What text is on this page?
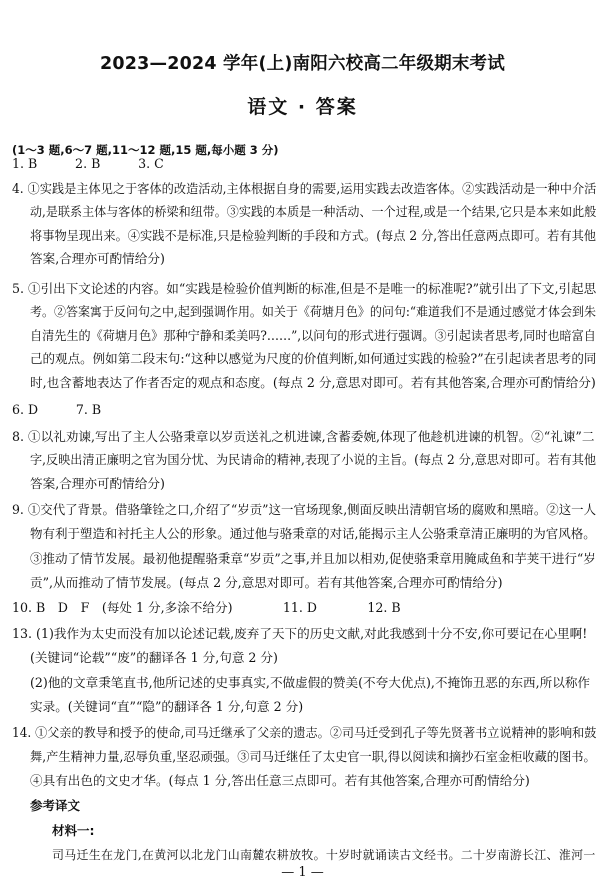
2023—2024 学年(上)南阳六校高二年级期末考试
语文 · 答案
(1～3 题,6～7 题,11～12 题,15 题,每小题 3 分)
1. B　　　2. B　　　3. C
4. ①实践是主体见之于客体的改造活动,主体根据自身的需要,运用实践去改造客体。②实践活动是一种中介活
动,是联系主体与客体的桥梁和纽带。③实践的本质是一种活动、一个过程,或是一个结果,它只是本来如此般
将事物呈现出来。④实践不是标准,只是检验判断的手段和方式。(每点 2 分,答出任意两点即可。若有其他
答案,合理亦可酌情给分)
5. ①引出下文论述的内容。如“实践是检验价值判断的标准,但是不是唯一的标准呢?”就引出了下文,引起思
考。②答案寓于反问句之中,起到强调作用。如关于《荷塘月色》的问句:“难道我们不是通过感觉才体会到朱
自清先生的《荷塘月色》那种宁静和柔美吗?……”,以问句的形式进行强调。③引起读者思考,同时也暗富自
己的观点。例如第二段末句:“这种以感觉为尺度的价值判断,如何通过实践的检验?”在引起读者思考的同
时,也含蓄地表达了作者否定的观点和态度。(每点 2 分,意思对即可。若有其他答案,合理亦可酌情给分)
6. D　　　7. B
8. ①以礼劝谏,写出了主人公骆秉章以岁贡送礼之机进谏,含蓄委婉,体现了他趁机进谏的机智。②“礼谏”二
字,反映出清正廉明之官为国分忧、为民请命的精神,表现了小说的主旨。(每点 2 分,意思对即可。若有其他
答案,合理亦可酌情给分)
9. ①交代了背景。借骆肇铨之口,介绍了“岁贡”这一官场现象,侧面反映出清朝官场的腐败和黑暗。②这一人
物有利于塑造和衬托主人公的形象。通过他与骆秉章的对话,能揭示主人公骆秉章清正廉明的为官风格。
③推动了情节发展。最初他提醒骆秉章“岁贡”之事,并且加以相劝,促使骆秉章用腌咸鱼和芋荚干进行“岁
贡”,从而推动了情节发展。(每点 2 分,意思对即可。若有其他答案,合理亦可酌情给分)
10. B　D　F　(每处 1 分,多涂不给分)　　　　11. D　　　　12. B
13. (1)我作为太史而没有加以论述记载,废弃了天下的历史文献,对此我感到十分不安,你可要记在心里啊!
(关键词“论载”“废”的翻译各 1 分,句意 2 分)
(2)他的文章秉笔直书,他所记述的史事真实,不做虚假的赞美(不夸大优点),不掩饰丑恶的东西,所以称作
实录。(关键词“直”“隐”的翻译各 1 分,句意 2 分)
14. ①父亲的教导和授予的使命,司马迁继承了父亲的遗志。②司马迁受到孔子等先贤著书立说精神的影响和鼓
舞,产生精神力量,忍辱负重,坚忍顽强。③司马迁继任了太史官一职,得以阅读和摘抄石室金柜收藏的图书。
④具有出色的文史才华。(每点 1 分,答出任意三点即可。若有其他答案,合理亦可酌情给分)
参考译文
材料一:
司马迁生在龙门,在黄河以北龙门山南麓农耕放牧。十岁时就诵读古文经书。二十岁南游长江、淮河一
— 1 —
